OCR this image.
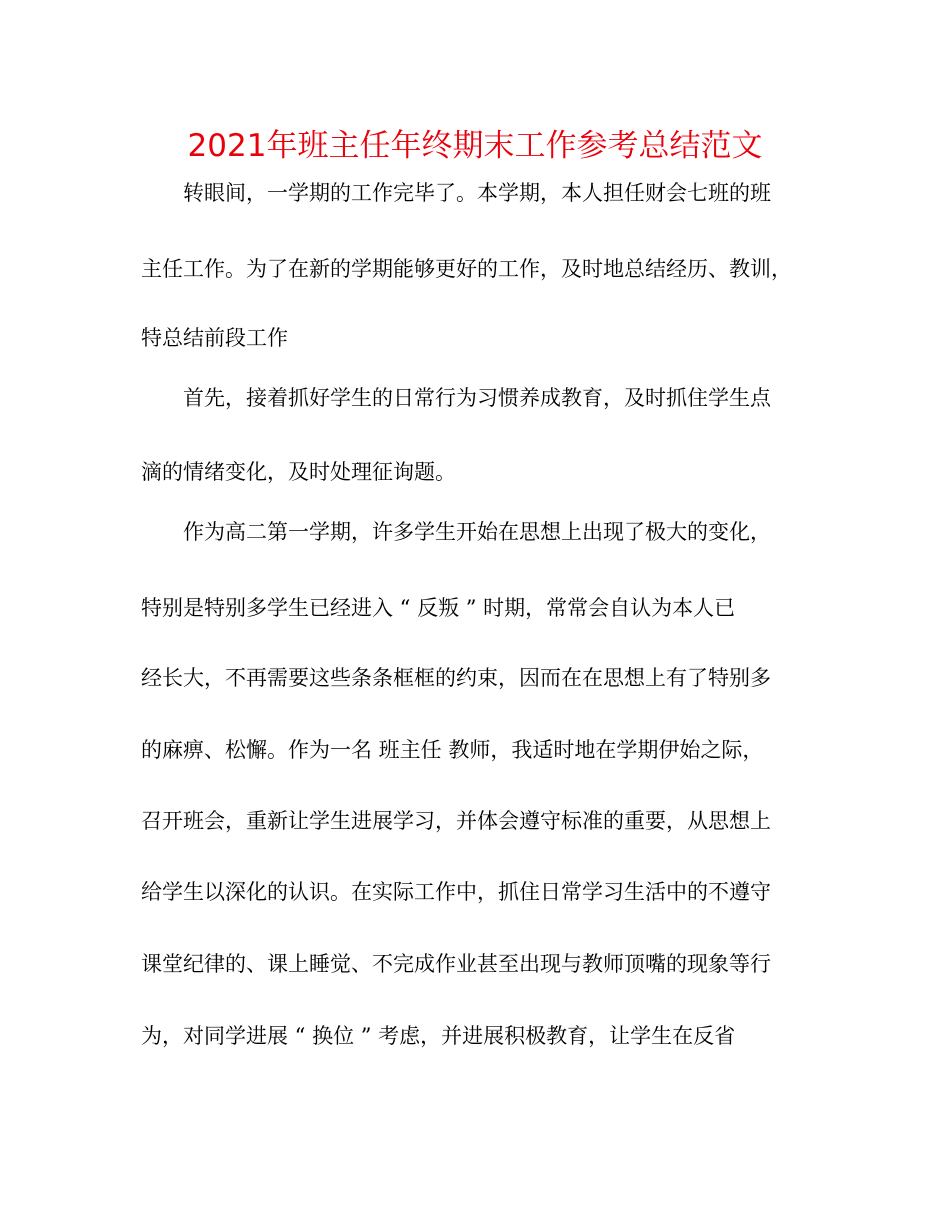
2021年班主任年终期末工作参考总结范文
转眼间，一学期的工作完毕了。本学期，本人担任财会七班的班
主任工作。为了在新的学期能够更好的工作，及时地总结经历、教训，
特总结前段工作
首先，接着抓好学生的日常行为习惯养成教育，及时抓住学生点
滴的情绪变化，及时处理征询题。
作为高二第一学期，许多学生开始在思想上出现了极大的变化，
特别是特别多学生已经进入 “ 反叛 ” 时期，常常会自认为本人已
经长大，不再需要这些条条框框的约束，因而在在思想上有了特别多
的麻痹、松懈。作为一名 班主任 教师，我适时地在学期伊始之际，
召开班会，重新让学生进展学习，并体会遵守标准的重要，从思想上
给学生以深化的认识。在实际工作中，抓住日常学习生活中的不遵守
课堂纪律的、课上睡觉、不完成作业甚至出现与教师顶嘴的现象等行
为，对同学进展 “ 换位 ” 考虑，并进展积极教育，让学生在反省
